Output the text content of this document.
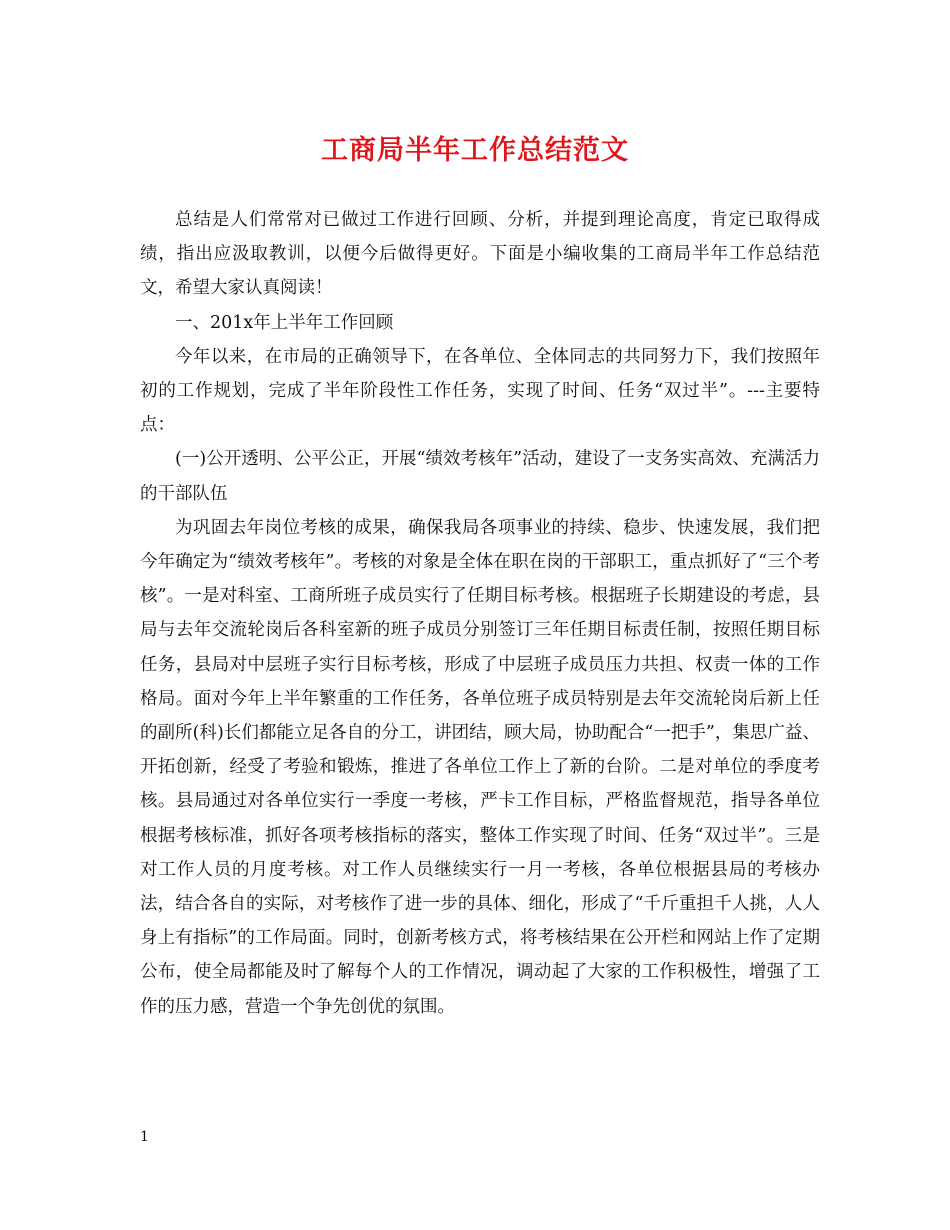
工商局半年工作总结范文

总结是人们常常对已做过工作进行回顾、分析，并提到理论高度，肯定已取得成绩，指出应汲取教训，以便今后做得更好。下面是小编收集的工商局半年工作总结范文，希望大家认真阅读！

一、201x年上半年工作回顾

今年以来，在市局的正确领导下，在各单位、全体同志的共同努力下，我们按照年初的工作规划，完成了半年阶段性工作任务，实现了时间、任务“双过半”。---主要特点：

(一)公开透明、公平公正，开展“绩效考核年”活动，建设了一支务实高效、充满活力的干部队伍

为巩固去年岗位考核的成果，确保我局各项事业的持续、稳步、快速发展，我们把今年确定为“绩效考核年”。考核的对象是全体在职在岗的干部职工，重点抓好了“三个考核”。一是对科室、工商所班子成员实行了任期目标考核。根据班子长期建设的考虑，县局与去年交流轮岗后各科室新的班子成员分别签订三年任期目标责任制，按照任期目标任务，县局对中层班子实行目标考核，形成了中层班子成员压力共担、权责一体的工作格局。面对今年上半年繁重的工作任务，各单位班子成员特别是去年交流轮岗后新上任的副所(科)长们都能立足各自的分工，讲团结，顾大局，协助配合“一把手”，集思广益、开拓创新，经受了考验和锻炼，推进了各单位工作上了新的台阶。二是对单位的季度考核。县局通过对各单位实行一季度一考核，严卡工作目标，严格监督规范，指导各单位根据考核标准，抓好各项考核指标的落实，整体工作实现了时间、任务“双过半”。三是对工作人员的月度考核。对工作人员继续实行一月一考核，各单位根据县局的考核办法，结合各自的实际，对考核作了进一步的具体、细化，形成了“千斤重担千人挑，人人身上有指标”的工作局面。同时，创新考核方式，将考核结果在公开栏和网站上作了定期公布，使全局都能及时了解每个人的工作情况，调动起了大家的工作积极性，增强了工作的压力感，营造一个争先创优的氛围。

1
